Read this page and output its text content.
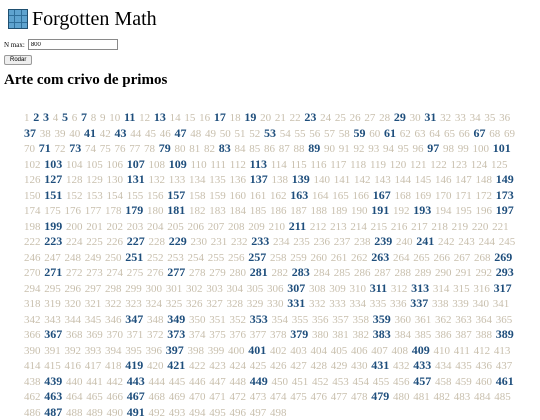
Forgotten Math
N max:
800
Rodar
Arte com crivo de primos
1 2 3 4 5 6 7 8 9 10 11 12 13 14 15 16 17 18 19 20 21 22 23 24 25 26 27 28 29 30 31 32 33 34 35 36 37 38 39 40 41 42 43 44 45 46 47 48 49 50 51 52 53 54 55 56 57 58 59 60 61 62 63 64 65 66 67 68 69 70 71 72 73 74 75 76 77 78 79 80 81 82 83 84 85 86 87 88 89 90 91 92 93 94 95 96 97 98 99 100 101 102 103 104 105 106 107 108 109 110 111 112 113 114 115 116 117 118 119 120 121 122 123 124 125 126 127 128 129 130 131 132 133 134 135 136 137 138 139 140 141 142 143 144 145 146 147 148 149 150 151 152 153 154 155 156 157 158 159 160 161 162 163 164 165 166 167 168 169 170 171 172 173 174 175 176 177 178 179 180 181 182 183 184 185 186 187 188 189 190 191 192 193 194 195 196 197 198 199 200 201 202 203 204 205 206 207 208 209 210 211 212 213 214 215 216 217 218 219 220 221 222 223 224 225 226 227 228 229 230 231 232 233 234 235 236 237 238 239 240 241 242 243 244 245 246 247 248 249 250 251 252 253 254 255 256 257 258 259 260 261 262 263 264 265 266 267 268 269 270 271 272 273 274 275 276 277 278 279 280 281 282 283 284 285 286 287 288 289 290 291 292 293 294 295 296 297 298 299 300 301 302 303 304 305 306 307 308 309 310 311 312 313 314 315 316 317 318 319 320 321 322 323 324 325 326 327 328 329 330 331 332 333 334 335 336 337 338 339 340 341 342 343 344 345 346 347 348 349 350 351 352 353 354 355 356 357 358 359 360 361 362 363 364 365 366 367 368 369 370 371 372 373 374 375 376 377 378 379 380 381 382 383 384 385 386 387 388 389 390 391 392 393 394 395 396 397 398 399 400 401 402 403 404 405 406 407 408 409 410 411 412 413 414 415 416 417 418 419 420 421 422 423 424 425 426 427 428 429 430 431 432 433 434 435 436 437 438 439 440 441 442 443 444 445 446 447 448 449 450 451 452 453 454 455 456 457 458 459 460 461 462 463 464 465 466 467 468 469 470 471 472 473 474 475 476 477 478 479 480 481 482 483 484 485 486 487 488 489 490 491 492 493 494 495 496 497 498
